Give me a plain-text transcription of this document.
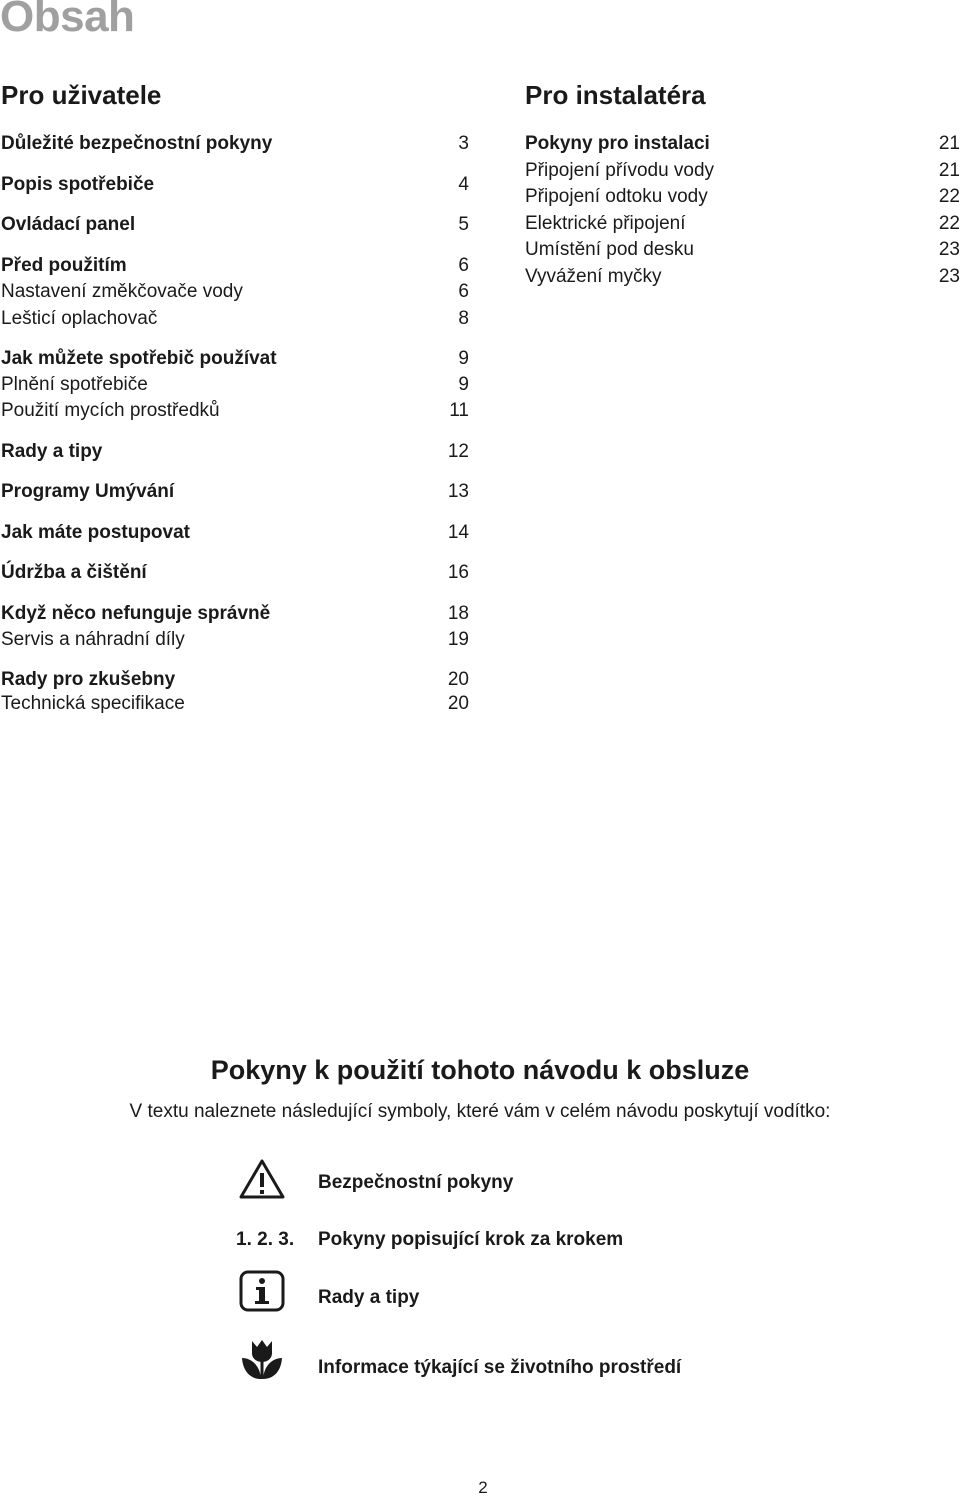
Obsah
Pro uživatele
Důležité bezpečnostní pokyny	3
Popis spotřebiče	4
Ovládací panel	5
Před použitím	6
Nastavení změkčovače vody	6
Lešticí oplachovač	8
Jak můžete spotřebič používat	9
Plnění spotřebiče	9
Použití mycích prostředků	11
Rady a tipy	12
Programy Umývání	13
Jak máte postupovat	14
Údržba a čištění	16
Když něco nefunguje správně	18
Servis a náhradní díly	19
Rady pro zkušebny	20
Technická specifikace	20
Pro instalatéra
Pokyny pro instalaci	21
Připojení přívodu vody	21
Připojení odtoku vody	22
Elektrické připojení	22
Umístění pod desku	23
Vyvážení myčky	23
Pokyny k použití tohoto návodu k obsluze
V textu naleznete následující symboly, které vám v celém návodu poskytují vodítko:
Bezpečnostní pokyny
1. 2. 3. Pokyny popisující krok za krokem
Rady a tipy
Informace týkající se životního prostředí
2
